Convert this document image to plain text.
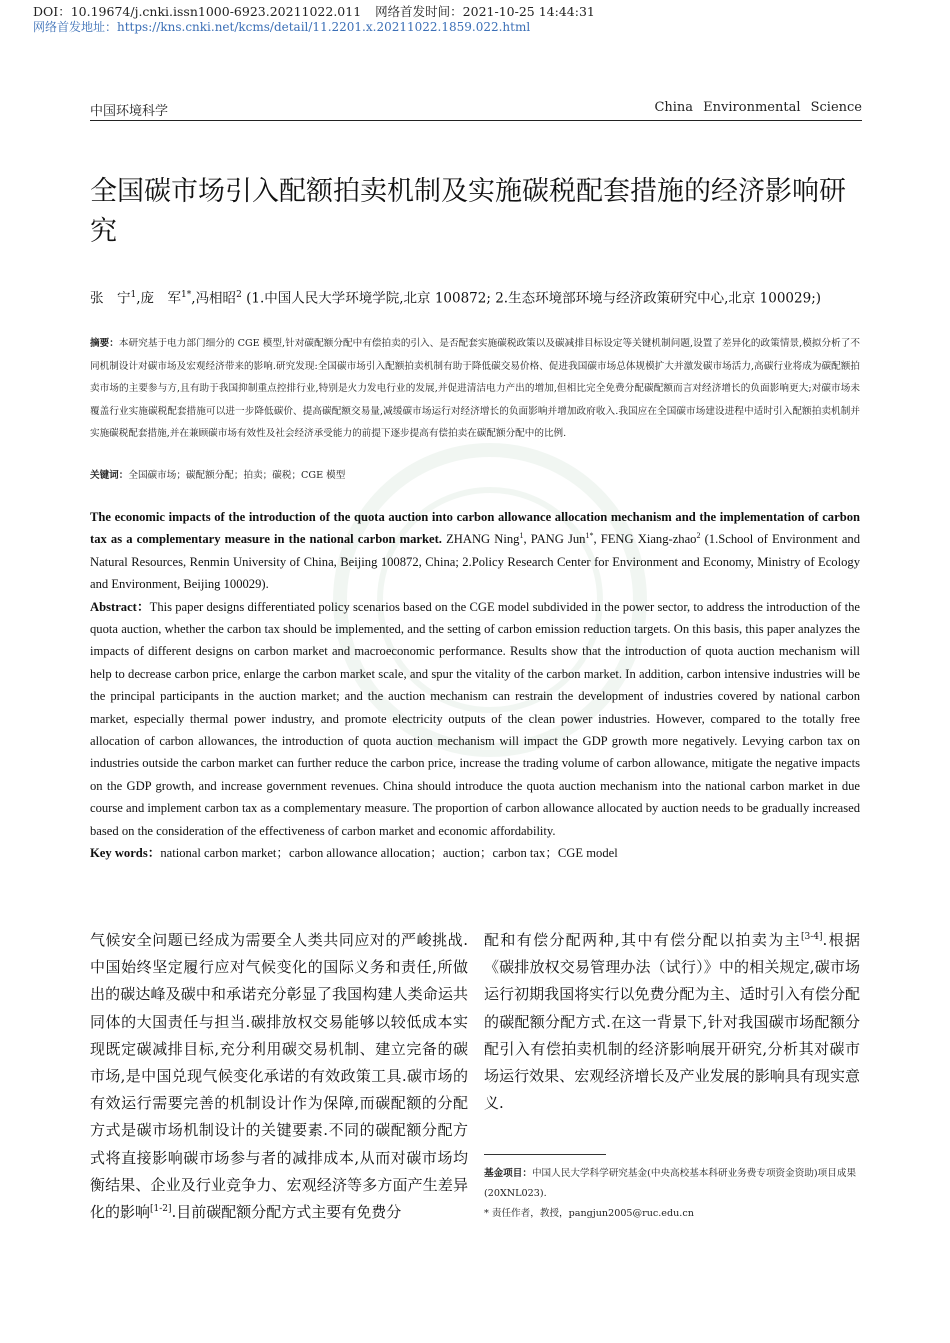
DOI：10.19674/j.cnki.issn1000-6923.20211022.011 网络首发时间：2021-10-25 14:44:31
网络首发地址：https://kns.cnki.net/kcms/detail/11.2201.x.20211022.1859.022.html
中国环境科学	China Environmental Science
全国碳市场引入配额拍卖机制及实施碳税配套措施的经济影响研究
张　宁$^1$,庞　军$^{1*}$,冯相昭$^2$ (1.中国人民大学环境学院,北京 100872; 2.生态环境部环境与经济政策研究中心,北京 100029;)
摘要：本研究基于电力部门细分的 CGE 模型,针对碳配额分配中有偿拍卖的引入、是否配套实施碳税政策以及碳减排目标设定等关键机制问题,设置了差异化的政策情景,模拟分析了不同机制设计对碳市场及宏观经济带来的影响.研究发现:全国碳市场引入配额拍卖机制有助于降低碳交易价格、促进我国碳市场总体规模扩大并激发碳市场活力,高碳行业将成为碳配额拍卖市场的主要参与方,且有助于我国抑制重点控排行业,特别是火力发电行业的发展,并促进清洁电力产出的增加,但相比完全免费分配碳配额而言对经济增长的负面影响更大;对碳市场未覆盖行业实施碳税配套措施可以进一步降低碳价、提高碳配额交易量,减缓碳市场运行对经济增长的负面影响并增加政府收入.我国应在全国碳市场建设进程中适时引入配额拍卖机制并实施碳税配套措施,并在兼顾碳市场有效性及社会经济承受能力的前提下逐步提高有偿拍卖在碳配额分配中的比例.
关键词：全国碳市场；碳配额分配；拍卖；碳税；CGE 模型
The economic impacts of the introduction of the quota auction into carbon allowance allocation mechanism and the implementation of carbon tax as a complementary measure in the national carbon market. ZHANG Ning$^1$, PANG Jun$^{1*}$, FENG Xiang-zhao$^2$ (1.School of Environment and Natural Resources, Renmin University of China, Beijing 100872, China; 2.Policy Research Center for Environment and Economy, Ministry of Ecology and Environment, Beijing 100029).
Abstract：This paper designs differentiated policy scenarios based on the CGE model subdivided in the power sector, to address the introduction of the quota auction, whether the carbon tax should be implemented, and the setting of carbon emission reduction targets. On this basis, this paper analyzes the impacts of different designs on carbon market and macroeconomic performance. Results show that the introduction of quota auction mechanism will help to decrease carbon price, enlarge the carbon market scale, and spur the vitality of the carbon market. In addition, carbon intensive industries will be the principal participants in the auction market; and the auction mechanism can restrain the development of industries covered by national carbon market, especially thermal power industry, and promote electricity outputs of the clean power industries. However, compared to the totally free allocation of carbon allowances, the introduction of quota auction mechanism will impact the GDP growth more negatively. Levying carbon tax on industries outside the carbon market can further reduce the carbon price, increase the trading volume of carbon allowance, mitigate the negative impacts on the GDP growth, and increase government revenues. China should introduce the quota auction mechanism into the national carbon market in due course and implement carbon tax as a complementary measure. The proportion of carbon allowance allocated by auction needs to be gradually increased based on the consideration of the effectiveness of carbon market and economic affordability.
Key words：national carbon market；carbon allowance allocation；auction；carbon tax；CGE model
气候安全问题已经成为需要全人类共同应对的严峻挑战.中国始终坚定履行应对气候变化的国际义务和责任,所做出的碳达峰及碳中和承诺充分彰显了我国构建人类命运共同体的大国责任与担当.碳排放权交易能够以较低成本实现既定碳减排目标,充分利用碳交易机制、建立完备的碳市场,是中国兑现气候变化承诺的有效政策工具.碳市场的有效运行需要完善的机制设计作为保障,而碳配额的分配方式是碳市场机制设计的关键要素.不同的碳配额分配方式将直接影响碳市场参与者的减排成本,从而对碳市场均衡结果、企业及行业竞争力、宏观经济等多方面产生差异化的影响[1-2].目前碳配额分配方式主要有免费分
配和有偿分配两种,其中有偿分配以拍卖为主[3-4].根据《碳排放权交易管理办法（试行）》中的相关规定,碳市场运行初期我国将实行以免费分配为主、适时引入有偿分配的碳配额分配方式.在这一背景下,针对我国碳市场配额分配引入有偿拍卖机制的经济影响展开研究,分析其对碳市场运行效果、宏观经济增长及产业发展的影响具有现实意义.
基金项目：中国人民大学科学研究基金(中央高校基本科研业务费专项资金资助)项目成果(20XNL023).
* 责任作者，教授，pangjun2005@ruc.edu.cn
